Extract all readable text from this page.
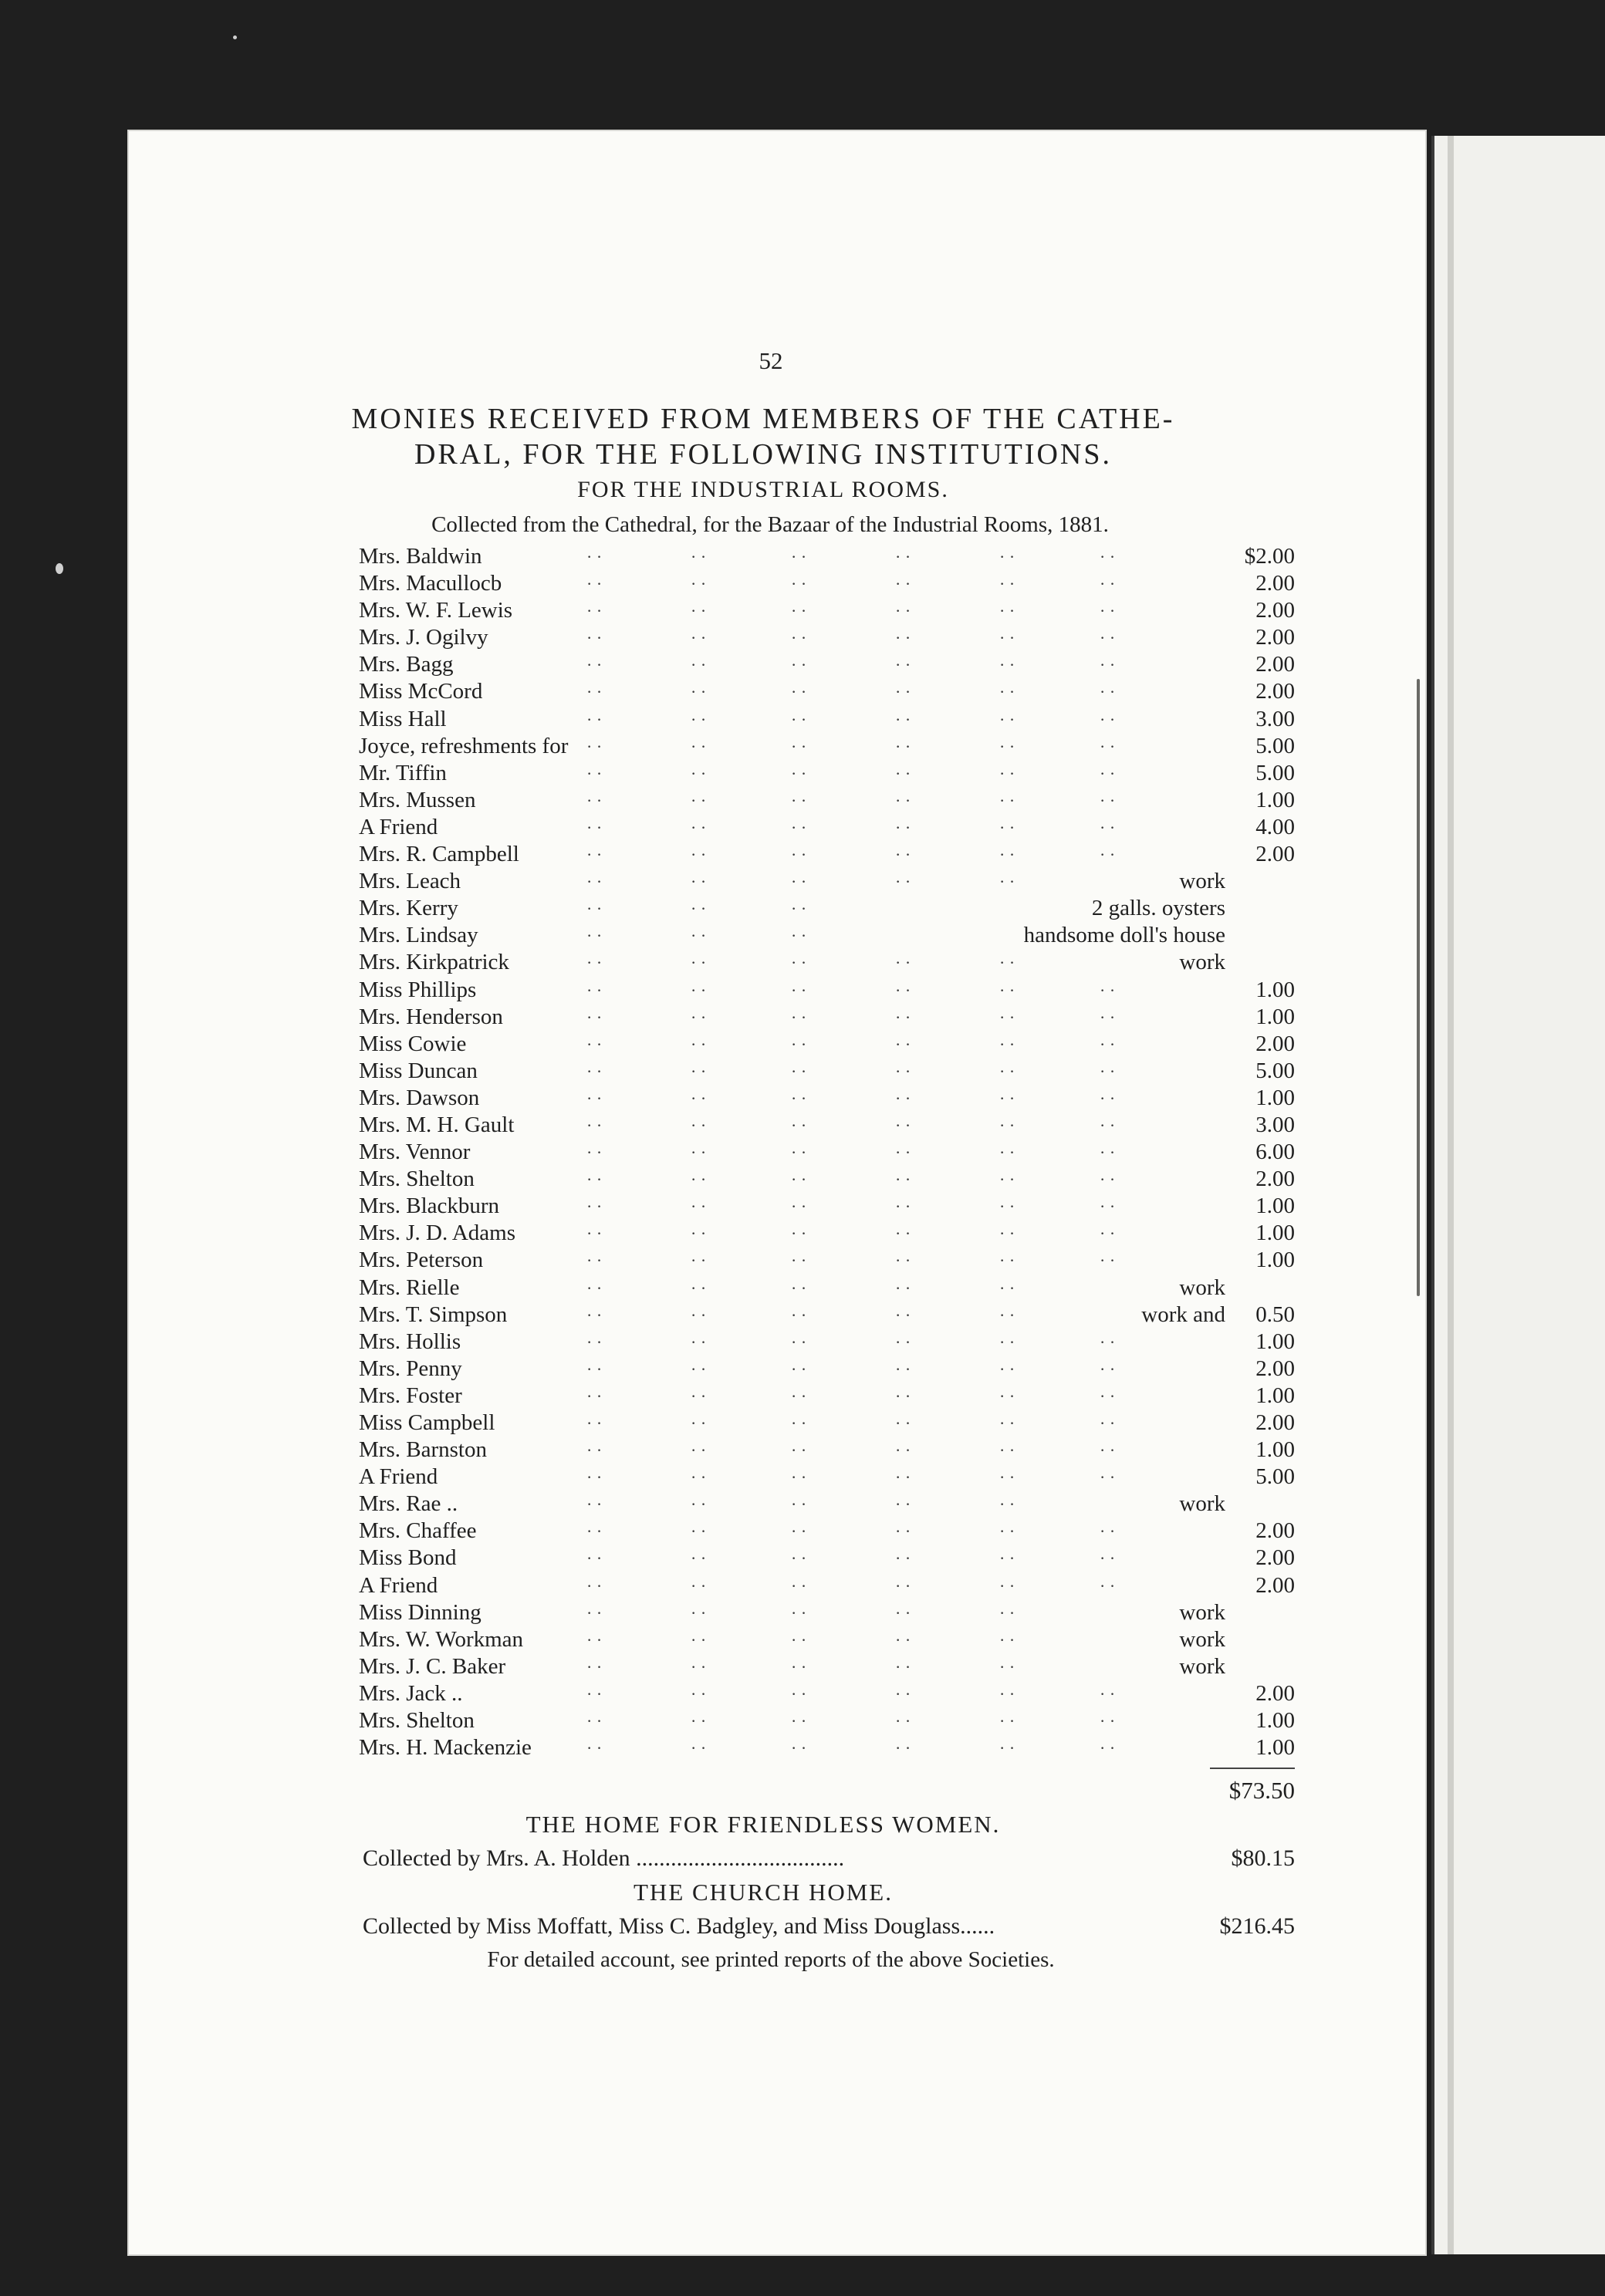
52
MONIES RECEIVED FROM MEMBERS OF THE CATHE-
DRAL, FOR THE FOLLOWING INSTITUTIONS.
FOR THE INDUSTRIAL ROOMS.
Collected from the Cathedral, for the Bazaar of the Industrial Rooms, 1881.
Mrs. Baldwin	· ·	· ·	· ·	· ·	· ·	· ·	$2.00
Mrs. Macullocb	· ·	· ·	· ·	· ·	· ·	· ·	2.00
Mrs. W. F. Lewis	· ·	· ·	· ·	· ·	· ·	· ·	2.00
Mrs. J. Ogilvy	· ·	· ·	· ·	· ·	· ·	· ·	2.00
Mrs. Bagg	· ·	· ·	· ·	· ·	· ·	· ·	2.00
Miss McCord	· ·	· ·	· ·	· ·	· ·	· ·	2.00
Miss Hall	· ·	· ·	· ·	· ·	· ·	· ·	3.00
Joyce, refreshments for · ·	· ·	· ·	· ·	· ·	· ·	5.00
Mr. Tiffin	· ·	· ·	· ·	· ·	· ·	· ·	5.00
Mrs. Mussen	· ·	· ·	· ·	· ·	· ·	· ·	1.00
A Friend	· ·	· ·	· ·	· ·	· ·	· ·	4.00
Mrs. R. Campbell	· ·	· ·	· ·	· ·	· ·	· ·	2.00
Mrs. Leach	· ·	· ·	· ·	· ·	· ·	work
Mrs. Kerry	· ·	· ·	· ·	2 galls. oysters
Mrs. Lindsay	· ·	· ·	· ·	handsome doll's house
Mrs. Kirkpatrick	· ·	· ·	· ·	· ·	· ·	work
Miss Phillips	· ·	· ·	· ·	· ·	· ·	· ·	1.00
Mrs. Henderson	· ·	· ·	· ·	· ·	· ·	· ·	1.00
Miss Cowie	· ·	· ·	· ·	· ·	· ·	· ·	2.00
Miss Duncan	· ·	· ·	· ·	· ·	· ·	· ·	5.00
Mrs. Dawson	· ·	· ·	· ·	· ·	· ·	· ·	1.00
Mrs. M. H. Gault	· ·	· ·	· ·	· ·	· ·	· ·	3.00
Mrs. Vennor	· ·	· ·	· ·	· ·	· ·	· ·	6.00
Mrs. Shelton	· ·	· ·	· ·	· ·	· ·	· ·	2.00
Mrs. Blackburn	· ·	· ·	· ·	· ·	· ·	· ·	1.00
Mrs. J. D. Adams	· ·	· ·	· ·	· ·	· ·	· ·	1.00
Mrs. Peterson	· ·	· ·	· ·	· ·	· ·	· ·	1.00
Mrs. Rielle	· ·	· ·	· ·	· ·	· ·	work
Mrs. T. Simpson	· ·	· ·	· ·	· ·	· ·	work and	0.50
Mrs. Hollis	· ·	· ·	· ·	· ·	· ·	· ·	1.00
Mrs. Penny	· ·	· ·	· ·	· ·	· ·	· ·	2.00
Mrs. Foster	· ·	· ·	· ·	· ·	· ·	· ·	1.00
Miss Campbell	· ·	· ·	· ·	· ·	· ·	· ·	2.00
Mrs. Barnston	· ·	· ·	· ·	· ·	· ·	· ·	1.00
A Friend	· ·	· ·	· ·	· ·	· ·	· ·	5.00
Mrs. Rae ..	· ·	· ·	· ·	· ·	· ·	work
Mrs. Chaffee	· ·	· ·	· ·	· ·	· ·	· ·	2.00
Miss Bond	· ·	· ·	· ·	· ·	· ·	· ·	2.00
A Friend	· ·	· ·	· ·	· ·	· ·	· ·	2.00
Miss Dinning	· ·	· ·	· ·	· ·	· ·	work
Mrs. W. Workman	· ·	· ·	· ·	· ·	· ·	work
Mrs. J. C. Baker	· ·	· ·	· ·	· ·	· ·	work
Mrs. Jack ..	· ·	· ·	· ·	· ·	· ·	· ·	2.00
Mrs. Shelton	· ·	· ·	· ·	· ·	· ·	· ·	1.00
Mrs. H. Mackenzie	· ·	· ·	· ·	· ·	· ·	· ·	1.00
$73.50
THE HOME FOR FRIENDLESS WOMEN.
Collected by Mrs. A. Holden ....................................	$80.15
THE CHURCH HOME.
Collected by Miss Moffatt, Miss C. Badgley, and Miss Douglass......	$216.45
For detailed account, see printed reports of the above Societies.
